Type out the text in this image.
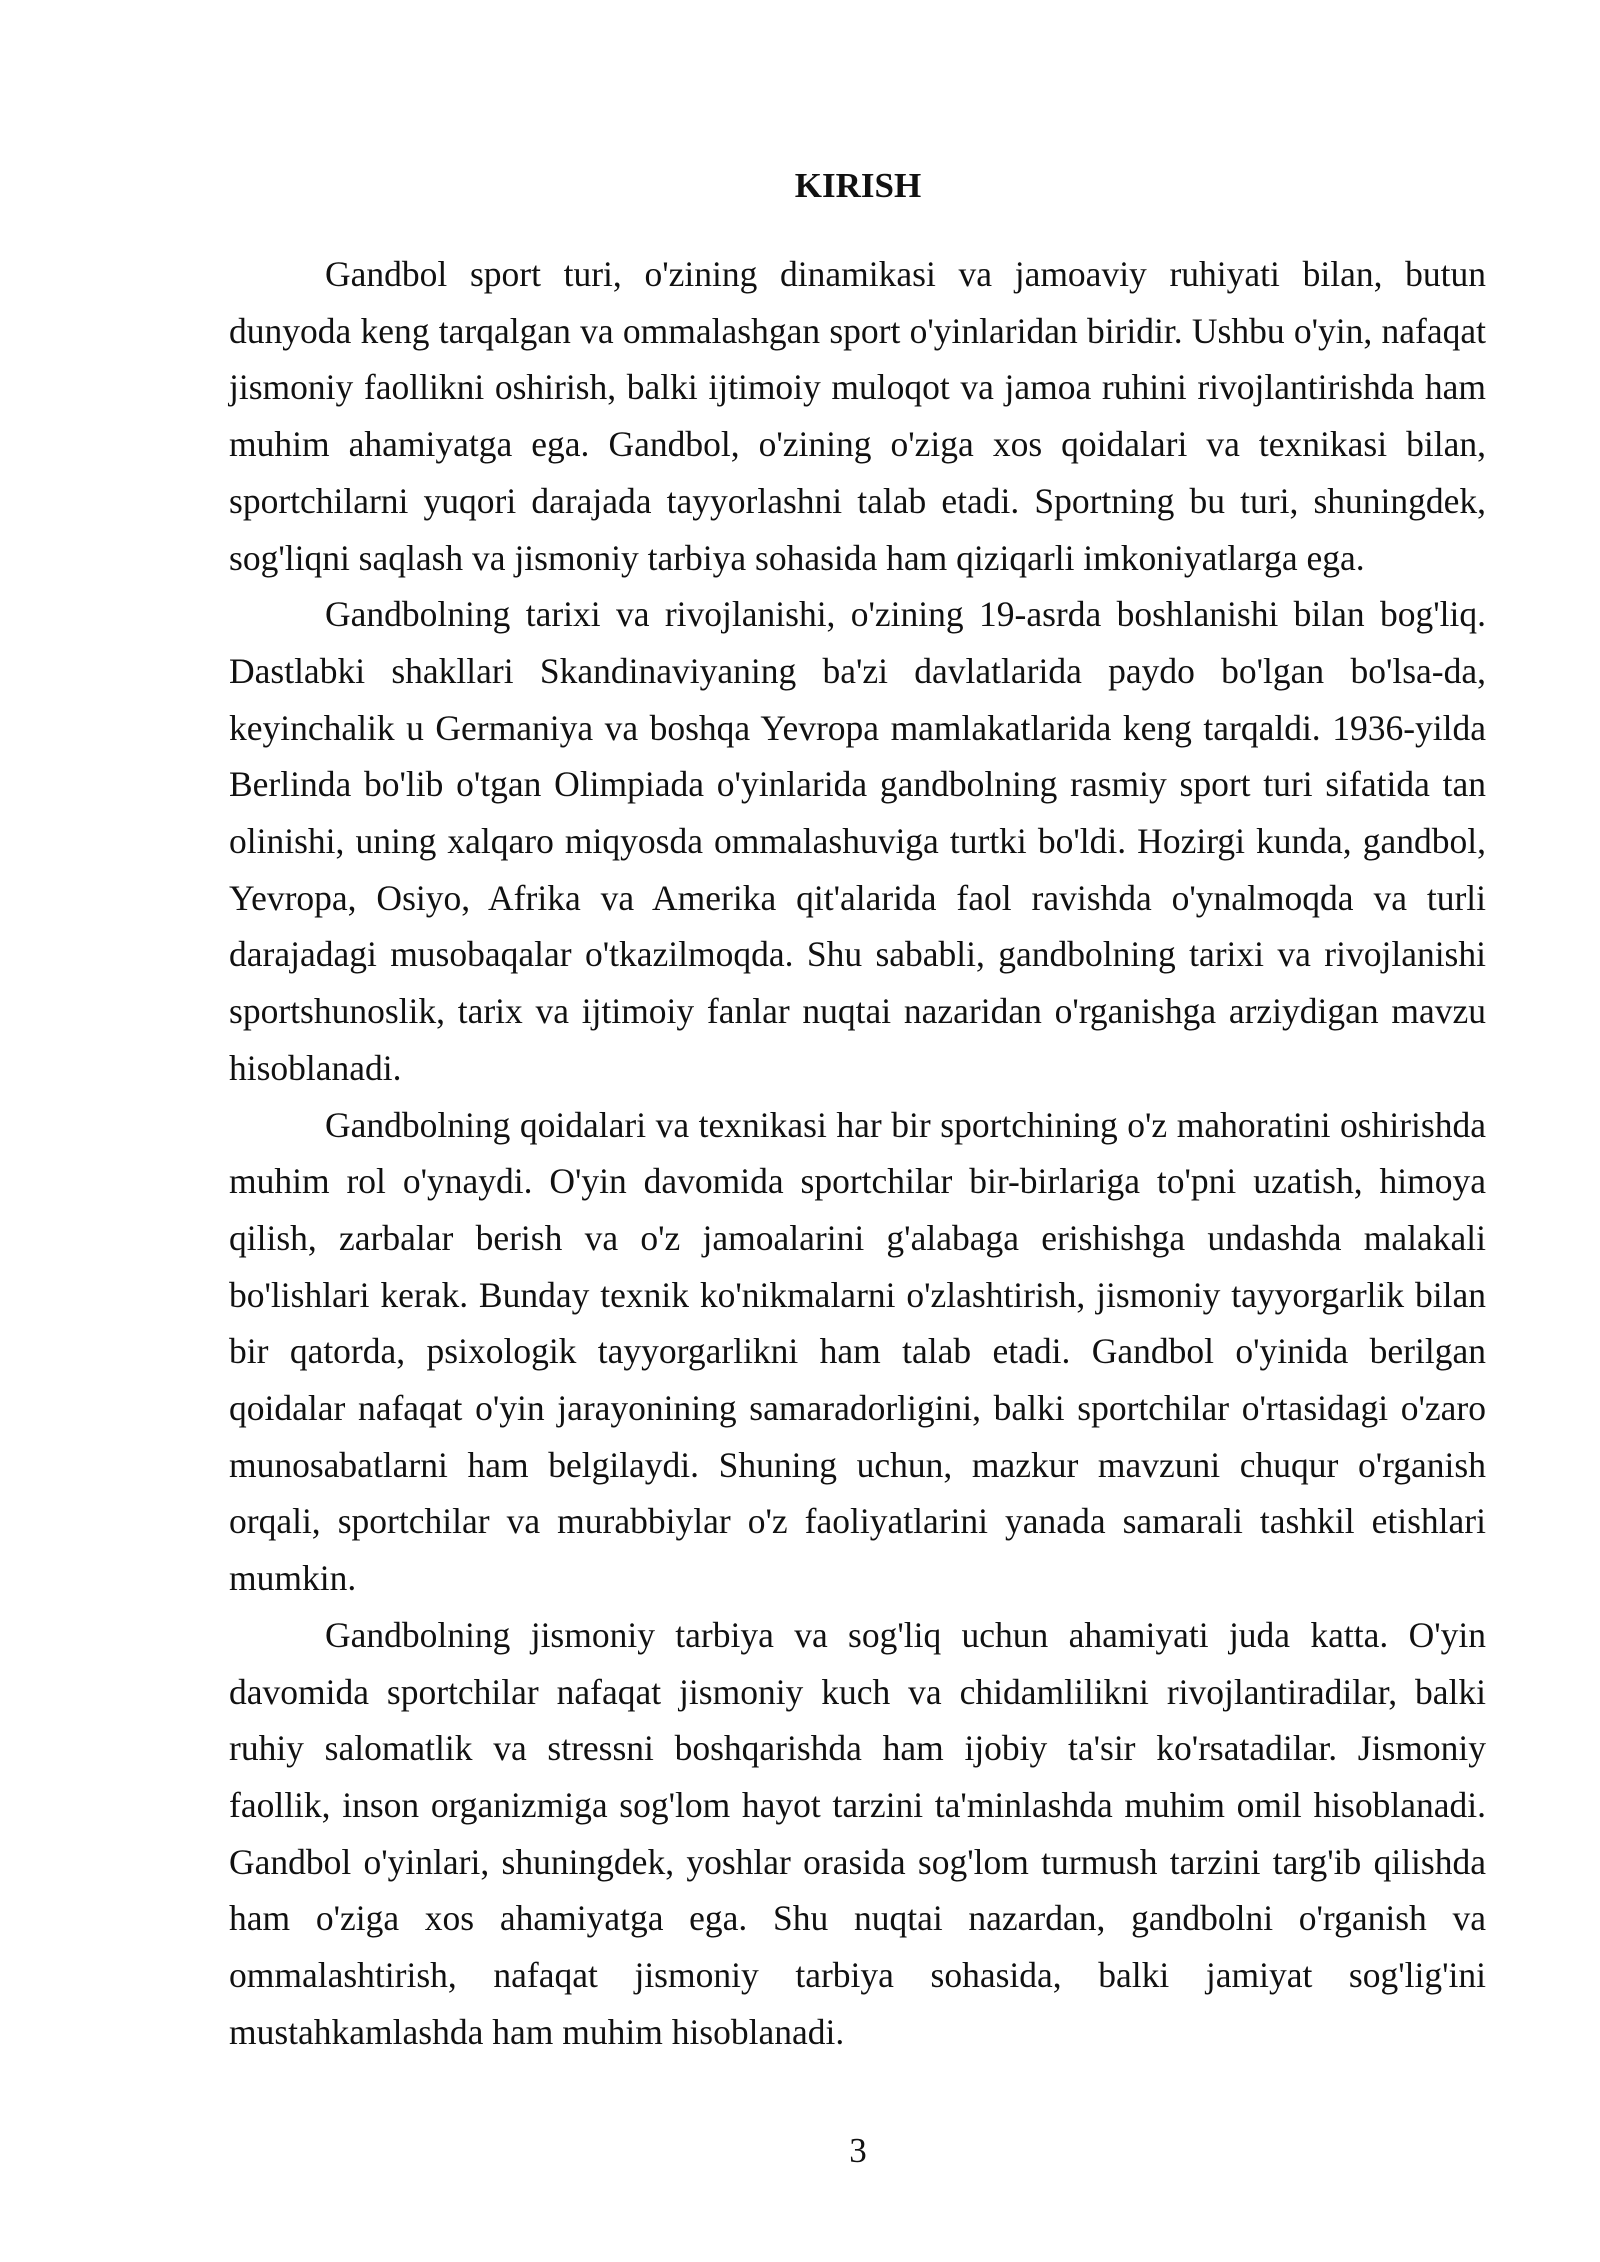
KIRISH

Gandbol sport turi, o'zining dinamikasi va jamoaviy ruhiyati bilan, butun dunyoda keng tarqalgan va ommalashgan sport o'yinlaridan biridir. Ushbu o'yin, nafaqat jismoniy faollikni oshirish, balki ijtimoiy muloqot va jamoa ruhini rivojlantirishda ham muhim ahamiyatga ega. Gandbol, o'zining o'ziga xos qoidalari va texnikasi bilan, sportchilarni yuqori darajada tayyorlashni talab etadi. Sportning bu turi, shuningdek, sog'liqni saqlash va jismoniy tarbiya sohasida ham qiziqarli imkoniyatlarga ega.

Gandbolning tarixi va rivojlanishi, o'zining 19-asrda boshlanishi bilan bog'liq. Dastlabki shakllari Skandinaviyaning ba'zi davlatlarida paydo bo'lgan bo'lsa-da, keyinchalik u Germaniya va boshqa Yevropa mamlakatlarida keng tarqaldi. 1936-yilda Berlinda bo'lib o'tgan Olimpiada o'yinlarida gandbolning rasmiy sport turi sifatida tan olinishi, uning xalqaro miqyosda ommalashuviga turtki bo'ldi. Hozirgi kunda, gandbol, Yevropa, Osiyo, Afrika va Amerika qit'alarida faol ravishda o'ynalmoqda va turli darajadagi musobaqalar o'tkazilmoqda. Shu sababli, gandbolning tarixi va rivojlanishi sportshunoslik, tarix va ijtimoiy fanlar nuqtai nazaridan o'rganishga arziydigan mavzu hisoblanadi.

Gandbolning qoidalari va texnikasi har bir sportchining o'z mahoratini oshirishda muhim rol o'ynaydi. O'yin davomida sportchilar bir-birlariga to'pni uzatish, himoya qilish, zarbalar berish va o'z jamoalarini g'alabaga erishishga undashda malakali bo'lishlari kerak. Bunday texnik ko'nikmalarni o'zlashtirish, jismoniy tayyorgarlik bilan bir qatorda, psixologik tayyorgarlikni ham talab etadi. Gandbol o'yinida berilgan qoidalar nafaqat o'yin jarayonining samaradorligini, balki sportchilar o'rtasidagi o'zaro munosabatlarni ham belgilaydi. Shuning uchun, mazkur mavzuni chuqur o'rganish orqali, sportchilar va murabbiylar o'z faoliyatlarini yanada samarali tashkil etishlari mumkin.

Gandbolning jismoniy tarbiya va sog'liq uchun ahamiyati juda katta. O'yin davomida sportchilar nafaqat jismoniy kuch va chidamlilikni rivojlantiradilar, balki ruhiy salomatlik va stressni boshqarishda ham ijobiy ta'sir ko'rsatadilar. Jismoniy faollik, inson organizmiga sog'lom hayot tarzini ta'minlashda muhim omil hisoblanadi. Gandbol o'yinlari, shuningdek, yoshlar orasida sog'lom turmush tarzini targ'ib qilishda ham o'ziga xos ahamiyatga ega. Shu nuqtai nazardan, gandbolni o'rganish va ommalashtirish, nafaqat jismoniy tarbiya sohasida, balki jamiyat sog'lig'ini mustahkamlashda ham muhim hisoblanadi.

3
